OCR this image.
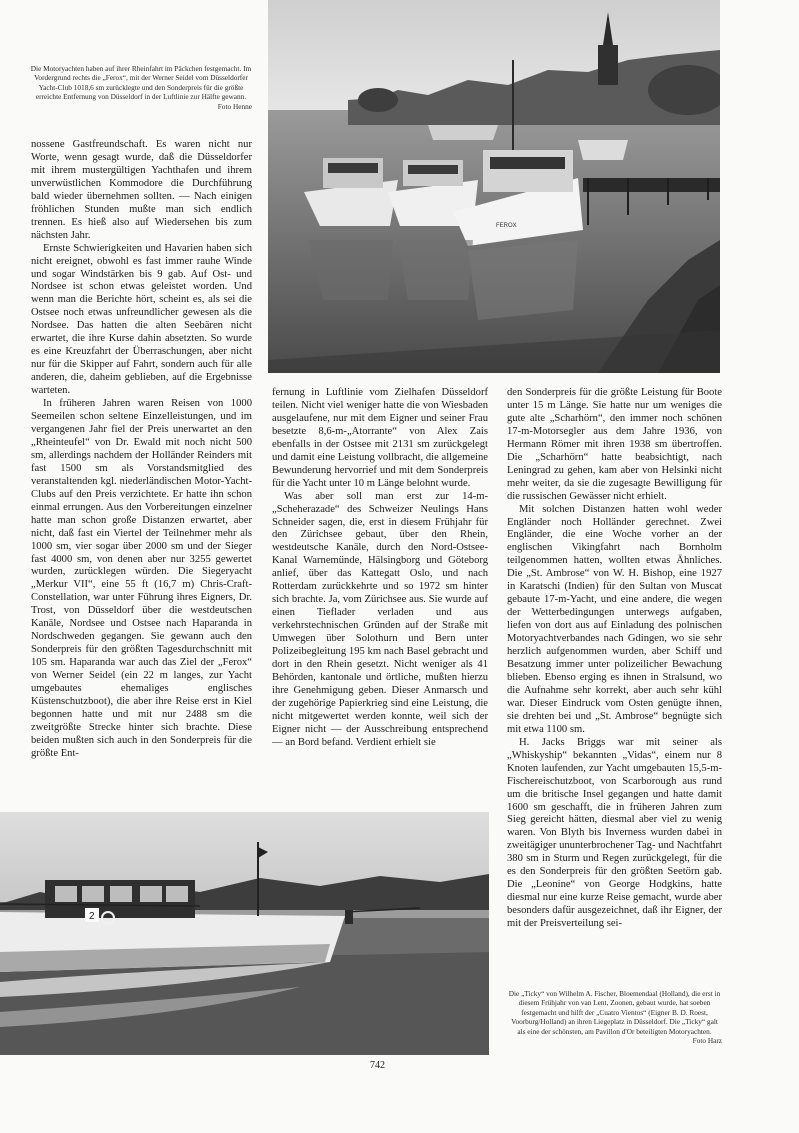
Die Motoryachten haben auf ihrer Rheinfahrt im Päckchen festgemacht. Im Vordergrund rechts die „Ferox“, mit der Werner Seidel vom Düsseldorfer Yacht-Club 1018,6 sm zurücklegte und den Sonderpreis für die größte erreichte Entfernung von Düsseldorf in der Luftlinie zur Hälfte gewann.
Foto Henne
FEROX

nossene Gastfreundschaft. Es waren nicht nur Worte, wenn gesagt wurde, daß die Düsseldorfer mit ihrem mustergültigen Yachthafen und ihrem unverwüstlichen Kommodore die Durchführung bald wieder übernehmen sollten. — Nach einigen fröhlichen Stunden mußte man sich endlich trennen. Es hieß also auf Wiedersehen bis zum nächsten Jahr.

Ernste Schwierigkeiten und Havarien haben sich nicht ereignet, obwohl es fast immer rauhe Winde und sogar Windstärken bis 9 gab. Auf Ost- und Nordsee ist schon etwas geleistet worden. Und wenn man die Berichte hört, scheint es, als sei die Ostsee noch etwas unfreundlicher gewesen als die Nordsee. Das hatten die alten Seebären nicht erwartet, die ihre Kurse dahin absetzten. So wurde es eine Kreuzfahrt der Überraschungen, aber nicht nur für die Skipper auf Fahrt, sondern auch für alle anderen, die, daheim geblieben, auf die Ergebnisse warteten.

In früheren Jahren waren Reisen von 1000 Seemeilen schon seltene Einzelleistungen, und im vergangenen Jahr fiel der Preis unerwartet an den „Rheinteufel“ von Dr. Ewald mit noch nicht 500 sm, allerdings nachdem der Holländer Reinders mit fast 1500 sm als Vorstandsmitglied des veranstaltenden kgl. niederländischen Motor-Yacht-Clubs auf den Preis verzichtete. Er hatte ihn schon einmal errungen. Aus den Vorbereitungen einzelner hatte man schon große Distanzen erwartet, aber nicht, daß fast ein Viertel der Teilnehmer mehr als 1000 sm, vier sogar über 2000 sm und der Sieger fast 4000 sm, von denen aber nur 3255 gewertet wurden, zurücklegen würden. Die Siegeryacht „Merkur VII“, eine 55 ft (16,7 m) Chris-Craft-Constellation, war unter Führung ihres Eigners, Dr. Trost, von Düsseldorf über die westdeutschen Kanäle, Nordsee und Ostsee nach Haparanda in Nordschweden gegangen. Sie gewann auch den Sonderpreis für den größten Tagesdurchschnitt mit 105 sm. Haparanda war auch das Ziel der „Ferox“ von Werner Seidel (ein 22 m langes, zur Yacht umgebautes ehemaliges englisches Küstenschutzboot), die aber ihre Reise erst in Kiel begonnen hatte und mit nur 2488 sm die zweitgrößte Strecke hinter sich brachte. Diese beiden mußten sich auch in den Sonderpreis für die größte Ent-

fernung in Luftlinie vom Zielhafen Düsseldorf teilen. Nicht viel weniger hatte die von Wiesbaden ausgelaufene, nur mit dem Eigner und seiner Frau besetzte 8,6-m-„Atorrante“ von Alex Zais ebenfalls in der Ostsee mit 2131 sm zurückgelegt und damit eine Leistung vollbracht, die allgemeine Bewunderung hervorrief und mit dem Sonderpreis für die Yacht unter 10 m Länge belohnt wurde.

Was aber soll man erst zur 14-m-„Scheherazade“ des Schweizer Neulings Hans Schneider sagen, die, erst in diesem Frühjahr für den Zürichsee gebaut, über den Rhein, westdeutsche Kanäle, durch den Nord-Ostsee-Kanal Warnemünde, Hälsingborg und Göteborg anlief, über das Kattegatt Oslo, und nach Rotterdam zurückkehrte und so 1972 sm hinter sich brachte. Ja, vom Zürichsee aus. Sie wurde auf einen Tieflader verladen und aus verkehrstechnischen Gründen auf der Straße mit Umwegen über Solothurn und Bern unter Polizeibegleitung 195 km nach Basel gebracht und dort in den Rhein gesetzt. Nicht weniger als 41 Behörden, kantonale und örtliche, mußten hierzu ihre Genehmigung geben. Dieser Anmarsch und der zugehörige Papierkrieg sind eine Leistung, die nicht mitgewertet werden konnte, weil sich der Eigner nicht — der Ausschreibung entsprechend — an Bord befand. Verdient erhielt sie

den Sonderpreis für die größte Leistung für Boote unter 15 m Länge. Sie hatte nur um weniges die gute alte „Scharhörn“, den immer noch schönen 17-m-Motorsegler aus dem Jahre 1936, von Hermann Römer mit ihren 1938 sm übertroffen. Die „Scharhörn“ hatte beabsichtigt, nach Leningrad zu gehen, kam aber von Helsinki nicht mehr weiter, da sie die zugesagte Bewilligung für die russischen Gewässer nicht erhielt.

Mit solchen Distanzen hatten wohl weder Engländer noch Holländer gerechnet. Zwei Engländer, die eine Woche vorher an der englischen Vikingfahrt nach Bornholm teilgenommen hatten, wollten etwas Ähnliches. Die „St. Ambrose“ von W. H. Bishop, eine 1927 in Karatschi (Indien) für den Sultan von Muscat gebaute 17-m-Yacht, und eine andere, die wegen der Wetterbedingungen unterwegs aufgaben, liefen von dort aus auf Einladung des polnischen Motoryachtverbandes nach Gdingen, wo sie sehr herzlich aufgenommen wurden, aber Schiff und Besatzung immer unter polizeilicher Bewachung blieben. Ebenso erging es ihnen in Stralsund, wo die Aufnahme sehr korrekt, aber auch sehr kühl war. Dieser Eindruck vom Osten genügte ihnen, sie drehten bei und „St. Ambrose“ begnügte sich mit etwa 1100 sm.

H. Jacks Briggs war mit seiner als „Whiskyship“ bekannten „Vidas“, einem nur 8 Knoten laufenden, zur Yacht umgebauten 15,5-m-Fischereischutzboot, von Scarborough aus rund um die britische Insel gegangen und hatte damit 1600 sm geschafft, die in früheren Jahren zum Sieg gereicht hätten, diesmal aber viel zu wenig waren. Von Blyth bis Inverness wurden dabei in zweitägiger ununterbrochener Tag- und Nachtfahrt 380 sm in Sturm und Regen zurückgelegt, für die es den Sonderpreis für den größten Seetörn gab. Die „Leonine“ von George Hodgkins, hatte diesmal nur eine kurze Reise gemacht, wurde aber besonders dafür ausgezeichnet, daß ihr Eigner, der mit der Preisverteilung sei-

2
Die „Ticky“ von Wilhelm A. Fischer, Bloemendaal (Holland), die erst in diesem Frühjahr von van Lent, Zoonen, gebaut wurde, hat soeben festgemacht und hilft der „Cuatro Vientos“ (Eigner B. D. Roest, Voorburg/Holland) an ihren Liegeplatz in Düsseldorf. Die „Ticky“ galt als eine der schönsten, am Pavillon d'Or beteiligten Motoryachten.
Foto Harz
742
